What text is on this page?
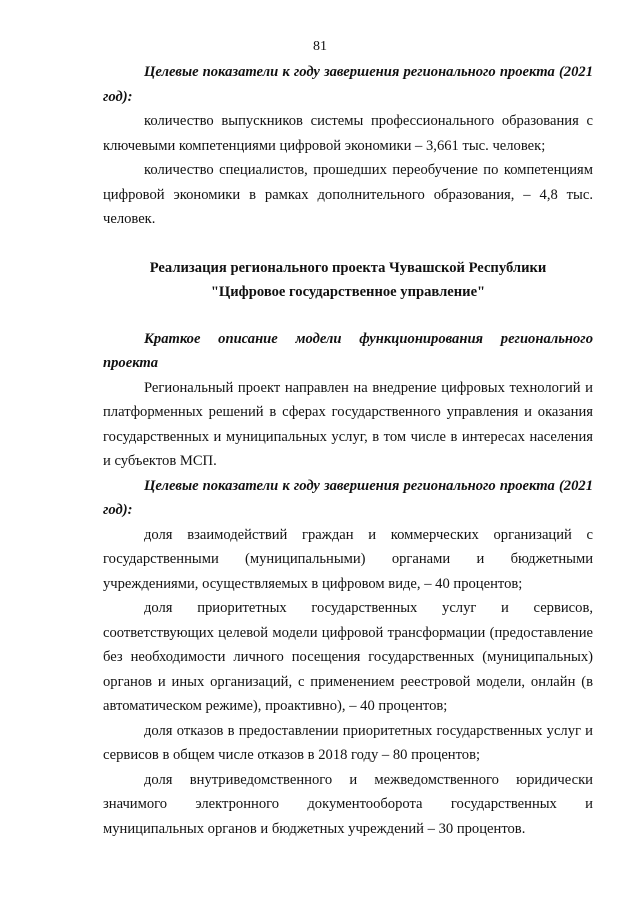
81

Целевые показатели к году завершения регионального проекта (2021 год):

количество выпускников системы профессионального образования с ключевыми компетенциями цифровой экономики – 3,661 тыс. человек;

количество специалистов, прошедших переобучение по компетенциям цифровой экономики в рамках дополнительного образования, – 4,8 тыс. человек.

Реализация регионального проекта Чувашской Республики

"Цифровое государственное управление"

Краткое описание модели функционирования регионального проекта

Региональный проект направлен на внедрение цифровых технологий и платформенных решений в сферах государственного управления и оказания государственных и муниципальных услуг, в том числе в интересах населения и субъектов МСП.

Целевые показатели к году завершения регионального проекта (2021 год):

доля взаимодействий граждан и коммерческих организаций с государственными (муниципальными) органами и бюджетными учреждениями, осуществляемых в цифровом виде, – 40 процентов;

доля приоритетных государственных услуг и сервисов, соответствующих целевой модели цифровой трансформации (предоставление без необходимости личного посещения государственных (муниципальных) органов и иных организаций, с применением реестровой модели, онлайн (в автоматическом режиме), проактивно), – 40 процентов;

доля отказов в предоставлении приоритетных государственных услуг и сервисов в общем числе отказов в 2018 году – 80 процентов;

доля внутриведомственного и межведомственного юридически значимого электронного документооборота государственных и муниципальных органов и бюджетных учреждений – 30 процентов.
